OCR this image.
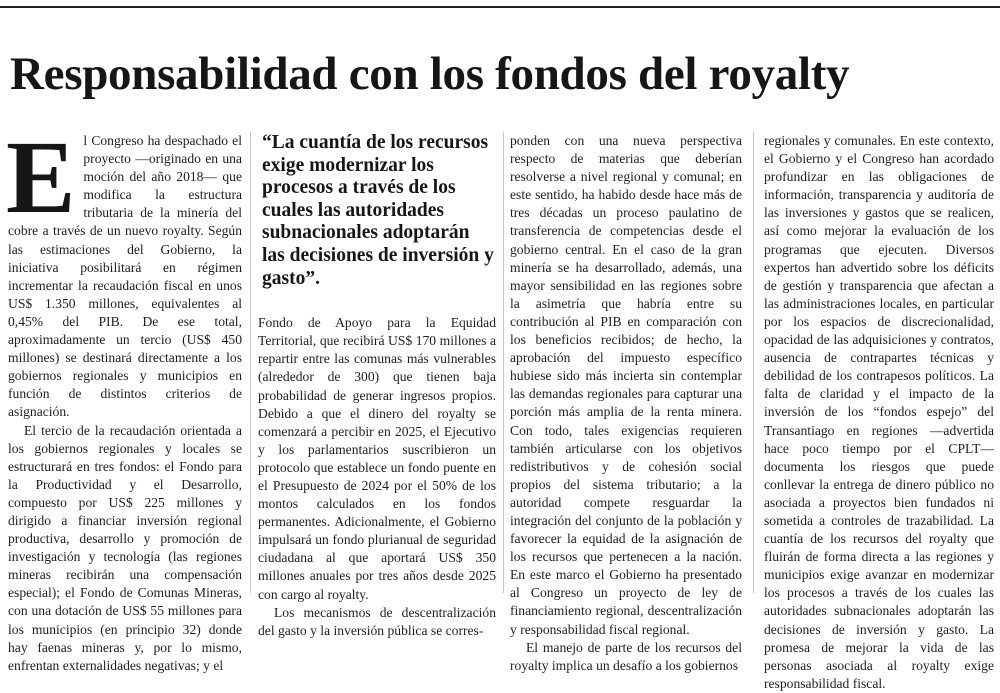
Responsabilidad con los fondos del royalty
E l Congreso ha despachado el proyecto —originado en una moción del año 2018— que modifica la estructura tributaria de la minería del cobre a través de un nuevo royalty. Según las estimaciones del Gobierno, la iniciativa posibilitará en régimen incrementar la recaudación fiscal en unos US$ 1.350 millones, equivalentes al 0,45% del PIB. De ese total, aproximadamente un tercio (US$ 450 millones) se destinará directamente a los gobiernos regionales y municipios en función de distintos criterios de asignación.

El tercio de la recaudación orientada a los gobiernos regionales y locales se estructurará en tres fondos: el Fondo para la Productividad y el Desarrollo, compuesto por US$ 225 millones y dirigido a financiar inversión regional productiva, desarrollo y promoción de investigación y tecnología (las regiones mineras recibirán una compensación especial); el Fondo de Comunas Mineras, con una dotación de US$ 55 millones para los municipios (en principio 32) donde hay faenas mineras y, por lo mismo, enfrentan externalidades negativas; y el

“La cuantía de los recursos exige modernizar los procesos a través de los cuales las autoridades subnacionales adoptarán las decisiones de inversión y gasto”.

Fondo de Apoyo para la Equidad Territorial, que recibirá US$ 170 millones a repartir entre las comunas más vulnerables (alrededor de 300) que tienen baja probabilidad de generar ingresos propios. Debido a que el dinero del royalty se comenzará a percibir en 2025, el Ejecutivo y los parlamentarios suscribieron un protocolo que establece un fondo puente en el Presupuesto de 2024 por el 50% de los montos calculados en los fondos permanentes. Adicionalmente, el Gobierno impulsará un fondo plurianual de seguridad ciudadana al que aportará US$ 350 millones anuales por tres años desde 2025 con cargo al royalty.

Los mecanismos de descentralización del gasto y la inversión pública se corres-

ponden con una nueva perspectiva respecto de materias que deberían resolverse a nivel regional y comunal; en este sentido, ha habido desde hace más de tres décadas un proceso paulatino de transferencia de competencias desde el gobierno central. En el caso de la gran minería se ha desarrollado, además, una mayor sensibilidad en las regiones sobre la asimetría que habría entre su contribución al PIB en comparación con los beneficios recibidos; de hecho, la aprobación del impuesto específico hubiese sido más incierta sin contemplar las demandas regionales para capturar una porción más amplia de la renta minera. Con todo, tales exigencias requieren también articularse con los objetivos redistributivos y de cohesión social propios del sistema tributario; a la autoridad compete resguardar la integración del conjunto de la población y favorecer la equidad de la asignación de los recursos que pertenecen a la nación. En este marco el Gobierno ha presentado al Congreso un proyecto de ley de financiamiento regional, descentralización y responsabilidad fiscal regional.

El manejo de parte de los recursos del royalty implica un desafío a los gobiernos

regionales y comunales. En este contexto, el Gobierno y el Congreso han acordado profundizar en las obligaciones de información, transparencia y auditoría de las inversiones y gastos que se realicen, así como mejorar la evaluación de los programas que ejecuten. Diversos expertos han advertido sobre los déficits de gestión y transparencia que afectan a las administraciones locales, en particular por los espacios de discrecionalidad, opacidad de las adquisiciones y contratos, ausencia de contrapartes técnicas y debilidad de los contrapesos políticos. La falta de claridad y el impacto de la inversión de los “fondos espejo” del Transantiago en regiones —advertida hace poco tiempo por el CPLT— documenta los riesgos que puede conllevar la entrega de dinero público no asociada a proyectos bien fundados ni sometida a controles de trazabilidad. La cuantía de los recursos del royalty que fluirán de forma directa a las regiones y municipios exige avanzar en modernizar los procesos a través de los cuales las autoridades subnacionales adoptarán las decisiones de inversión y gasto. La promesa de mejorar la vida de las personas asociada al royalty exige responsabilidad fiscal.
